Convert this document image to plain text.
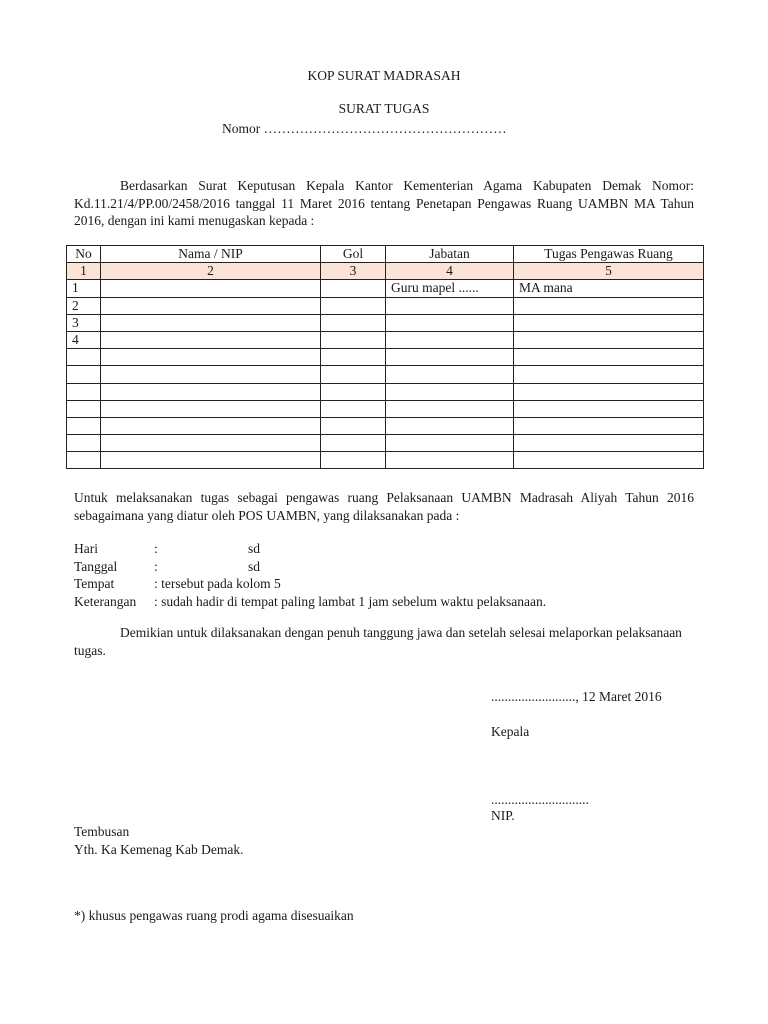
KOP SURAT MADRASAH
SURAT TUGAS
Nomor ………………………………………………
Berdasarkan Surat Keputusan Kepala Kantor Kementerian Agama Kabupaten Demak Nomor: Kd.11.21/4/PP.00/2458/2016 tanggal 11 Maret 2016 tentang Penetapan Pengawas Ruang UAMBN MA Tahun 2016, dengan ini kami menugaskan kepada :
No	Nama / NIP	Gol	Jabatan	Tugas Pengawas Ruang
1	2	3	4	5
1			Guru mapel ......	MA mana
2				
3				
4				

Untuk melaksanakan tugas sebagai pengawas ruang Pelaksanaan UAMBN Madrasah Aliyah Tahun 2016 sebagaimana yang diatur oleh POS UAMBN, yang dilaksanakan pada :
Hari	:	sd
Tanggal	:	sd
Tempat	: tersebut pada kolom 5
Keterangan : sudah hadir di tempat paling lambat 1 jam sebelum waktu pelaksanaan.
Demikian untuk dilaksanakan dengan penuh tanggung jawa dan setelah selesai melaporkan pelaksanaan tugas.
........................., 12 Maret 2016
Kepala
.............................
NIP.
Tembusan
Yth. Ka Kemenag Kab Demak.
*) khusus pengawas ruang prodi agama disesuaikan
